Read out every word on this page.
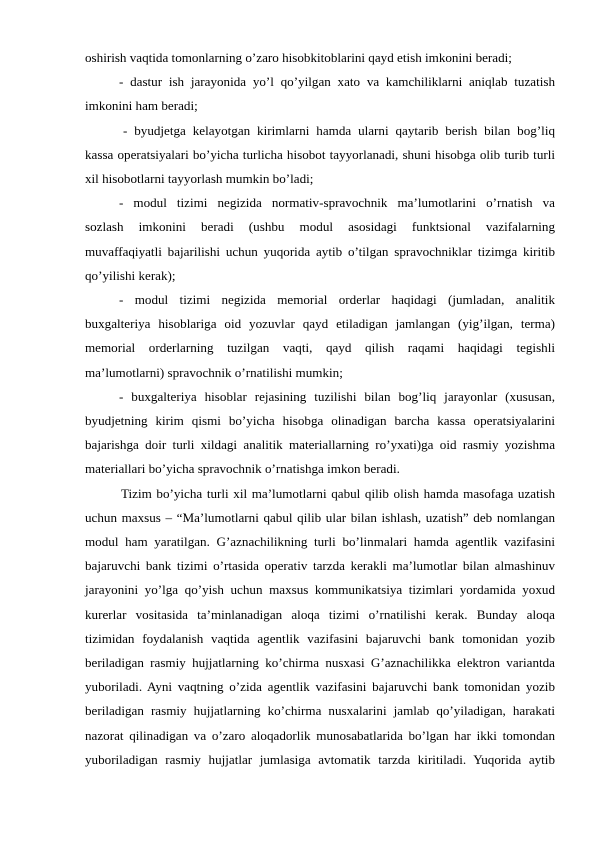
oshirish vaqtida tomonlarning o’zaro hisobkitoblarini qayd etish imkonini beradi;
- dastur ish jarayonida yo’l qo’yilgan xato va kamchiliklarni aniqlab tuzatish
imkonini ham beradi;
- byudjetga kelayotgan kirimlarni hamda ularni qaytarib berish bilan bog’liq
kassa operatsiyalari bo’yicha turlicha hisobot tayyorlanadi, shuni hisobga olib turib turli
xil hisobotlarni tayyorlash mumkin bo’ladi;
- modul tizimi negizida normativ-spravochnik ma’lumotlarini o’rnatish va
sozlash imkonini beradi (ushbu modul asosidagi funktsional vazifalarning
muvaffaqiyatli bajarilishi uchun yuqorida aytib o’tilgan spravochniklar tizimga kiritib
qo’yilishi kerak);
- modul tizimi negizida memorial orderlar haqidagi (jumladan, analitik
buxgalteriya hisoblariga oid yozuvlar qayd etiladigan jamlangan (yig’ilgan, terma)
memorial orderlarning tuzilgan vaqti, qayd qilish raqami haqidagi tegishli
ma’lumotlarni) spravochnik o’rnatilishi mumkin;
- buxgalteriya hisoblar rejasining tuzilishi bilan bog’liq jarayonlar (xususan,
byudjetning kirim qismi bo’yicha hisobga olinadigan barcha kassa operatsiyalarini
bajarishga doir turli xildagi analitik materiallarning ro’yxati)ga oid rasmiy yozishma
materiallari bo’yicha spravochnik o’rnatishga imkon beradi.
Tizim bo’yicha turli xil ma’lumotlarni qabul qilib olish hamda masofaga uzatish
uchun maxsus – “Ma’lumotlarni qabul qilib ular bilan ishlash, uzatish” deb nomlangan
modul ham yaratilgan. G’aznachilikning turli bo’linmalari hamda agentlik vazifasini
bajaruvchi bank tizimi o’rtasida operativ tarzda kerakli ma’lumotlar bilan almashinuv
jarayonini yo’lga qo’yish uchun maxsus kommunikatsiya tizimlari yordamida yoxud
kurerlar vositasida ta’minlanadigan aloqa tizimi o’rnatilishi kerak. Bunday aloqa
tizimidan foydalanish vaqtida agentlik vazifasini bajaruvchi bank tomonidan yozib
beriladigan rasmiy hujjatlarning ko’chirma nusxasi G’aznachilikka elektron variantda
yuboriladi. Ayni vaqtning o’zida agentlik vazifasini bajaruvchi bank tomonidan yozib
beriladigan rasmiy hujjatlarning ko’chirma nusxalarini jamlab qo’yiladigan, harakati
nazorat qilinadigan va o’zaro aloqadorlik munosabatlarida bo’lgan har ikki tomondan
yuboriladigan rasmiy hujjatlar jumlasiga avtomatik tarzda kiritiladi. Yuqorida aytib
